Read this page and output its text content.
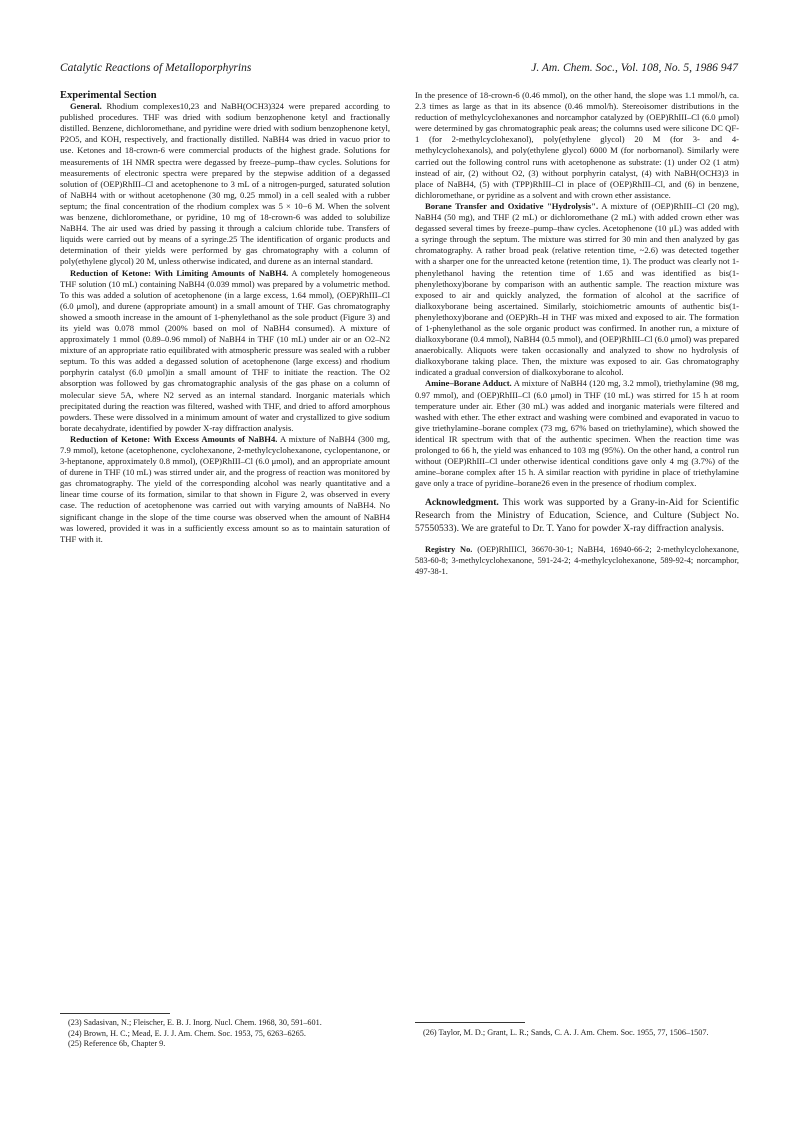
Catalytic Reactions of Metalloporphyrins	J. Am. Chem. Soc., Vol. 108, No. 5, 1986 947

Experimental Section

General. Rhodium complexes10,23 and NaBH(OCH3)324 were prepared according to published procedures. THF was dried with sodium benzophenone ketyl and fractionally distilled. Benzene, dichloromethane, and pyridine were dried with sodium benzophenone ketyl, P2O5, and KOH, respectively, and fractionally distilled. NaBH4 was dried in vacuo prior to use. Ketones and 18-crown-6 were commercial products of the highest grade. Solutions for measurements of 1H NMR spectra were degassed by freeze–pump–thaw cycles. Solutions for measurements of electronic spectra were prepared by the stepwise addition of a degassed solution of (OEP)RhIII–Cl and acetophenone to 3 mL of a nitrogen-purged, saturated solution of NaBH4 with or without acetophenone (30 mg, 0.25 mmol) in a cell sealed with a rubber septum; the final concentration of the rhodium complex was 5 × 10−6 M. When the solvent was benzene, dichloromethane, or pyridine, 10 mg of 18-crown-6 was added to solubilize NaBH4. The air used was dried by passing it through a calcium chloride tube. Transfers of liquids were carried out by means of a syringe.25 The identification of organic products and determination of their yields were performed by gas chromatography with a column of poly(ethylene glycol) 20 M, unless otherwise indicated, and durene as an internal standard.

Reduction of Ketone: With Limiting Amounts of NaBH4. A completely homogeneous THF solution (10 mL) containing NaBH4 (0.039 mmol) was prepared by a volumetric method. To this was added a solution of acetophenone (in a large excess, 1.64 mmol), (OEP)RhIII–Cl (6.0 μmol), and durene (appropriate amount) in a small amount of THF. Gas chromatography showed a smooth increase in the amount of 1-phenylethanol as the sole product (Figure 3) and its yield was 0.078 mmol (200% based on mol of NaBH4 consumed). A mixture of approximately 1 mmol (0.89–0.96 mmol) of NaBH4 in THF (10 mL) under air or an O2–N2 mixture of an appropriate ratio equilibrated with atmospheric pressure was sealed with a rubber septum. To this was added a degassed solution of acetophenone (large excess) and rhodium porphyrin catalyst (6.0 μmol)in a small amount of THF to initiate the reaction. The O2 absorption was followed by gas chromatographic analysis of the gas phase on a column of molecular sieve 5A, where N2 served as an internal standard. Inorganic materials which precipitated during the reaction was filtered, washed with THF, and dried to afford amorphous powders. These were dissolved in a minimum amount of water and crystallized to give sodium borate decahydrate, identified by powder X-ray diffraction analysis.

Reduction of Ketone: With Excess Amounts of NaBH4. A mixture of NaBH4 (300 mg, 7.9 mmol), ketone (acetophenone, cyclohexanone, 2-methylcyclohexanone, cyclopentanone, or 3-heptanone, approximately 0.8 mmol), (OEP)RhIII–Cl (6.0 μmol), and an appropriate amount of durene in THF (10 mL) was stirred under air, and the progress of reaction was monitored by gas chromatography. The yield of the corresponding alcohol was nearly quantitative and a linear time course of its formation, similar to that shown in Figure 2, was observed in every case. The reduction of acetophenone was carried out with varying amounts of NaBH4. No significant change in the slope of the time course was observed when the amount of NaBH4 was lowered, provided it was in a sufficiently excess amount so as to maintain saturation of THF with it.

(23) Sadasivan, N.; Fleischer, E. B. J. Inorg. Nucl. Chem. 1968, 30, 591–601.

(24) Brown, H. C.; Mead, E. J. J. Am. Chem. Soc. 1953, 75, 6263–6265.

(25) Reference 6b, Chapter 9.

In the presence of 18-crown-6 (0.46 mmol), on the other hand, the slope was 1.1 mmol/h, ca. 2.3 times as large as that in its absence (0.46 mmol/h). Stereoisomer distributions in the reduction of methylcyclohexanones and norcamphor catalyzed by (OEP)RhIII–Cl (6.0 μmol) were determined by gas chromatographic peak areas; the columns used were silicone DC QF-1 (for 2-methylcyclohexanol), poly(ethylene glycol) 20 M (for 3- and 4-methylcyclohexanols), and poly(ethylene glycol) 6000 M (for norbornanol). Similarly were carried out the following control runs with acetophenone as substrate: (1) under O2 (1 atm) instead of air, (2) without O2, (3) without porphyrin catalyst, (4) with NaBH(OCH3)3 in place of NaBH4, (5) with (TPP)RhIII–Cl in place of (OEP)RhIII–Cl, and (6) in benzene, dichloromethane, or pyridine as a solvent and with crown ether assistance.

Borane Transfer and Oxidative "Hydrolysis". A mixture of (OEP)RhIII–Cl (20 mg), NaBH4 (50 mg), and THF (2 mL) or dichloromethane (2 mL) with added crown ether was degassed several times by freeze–pump–thaw cycles. Acetophenone (10 μL) was added with a syringe through the septum. The mixture was stirred for 30 min and then analyzed by gas chromatography. A rather broad peak (relative retention time, ~2.6) was detected together with a sharper one for the unreacted ketone (retention time, 1). The product was clearly not 1-phenylethanol having the retention time of 1.65 and was identified as bis(1-phenylethoxy)borane by comparison with an authentic sample. The reaction mixture was exposed to air and quickly analyzed, the formation of alcohol at the sacrifice of dialkoxyborane being ascertained. Similarly, stoichiometric amounts of authentic bis(1-phenylethoxy)borane and (OEP)Rh–H in THF was mixed and exposed to air. The formation of 1-phenylethanol as the sole organic product was confirmed. In another run, a mixture of dialkoxyborane (0.4 mmol), NaBH4 (0.5 mmol), and (OEP)RhIII–Cl (6.0 μmol) was prepared anaerobically. Aliquots were taken occasionally and analyzed to show no hydrolysis of dialkoxyborane taking place. Then, the mixture was exposed to air. Gas chromatography indicated a gradual conversion of dialkoxyborane to alcohol.

Amine–Borane Adduct. A mixture of NaBH4 (120 mg, 3.2 mmol), triethylamine (98 mg, 0.97 mmol), and (OEP)RhIII–Cl (6.0 μmol) in THF (10 mL) was stirred for 15 h at room temperature under air. Ether (30 mL) was added and inorganic materials were filtered and washed with ether. The ether extract and washing were combined and evaporated in vacuo to give triethylamine–borane complex (73 mg, 67% based on triethylamine), which showed the identical IR spectrum with that of the authentic specimen. When the reaction time was prolonged to 66 h, the yield was enhanced to 103 mg (95%). On the other hand, a control run without (OEP)RhIII–Cl under otherwise identical conditions gave only 4 mg (3.7%) of the amine–borane complex after 15 h. A similar reaction with pyridine in place of triethylamine gave only a trace of pyridine–borane26 even in the presence of rhodium complex.

Acknowledgment. This work was supported by a Grany-in-Aid for Scientific Research from the Ministry of Education, Science, and Culture (Subject No. 57550533). We are grateful to Dr. T. Yano for powder X-ray diffraction analysis.

Registry No. (OEP)RhIIICl, 36670-30-1; NaBH4, 16940-66-2; 2-methylcyclohexanone, 583-60-8; 3-methylcyclohexanone, 591-24-2; 4-methylcyclohexanone, 589-92-4; norcamphor, 497-38-1.

(26) Taylor, M. D.; Grant, L. R.; Sands, C. A. J. Am. Chem. Soc. 1955, 77, 1506–1507.
